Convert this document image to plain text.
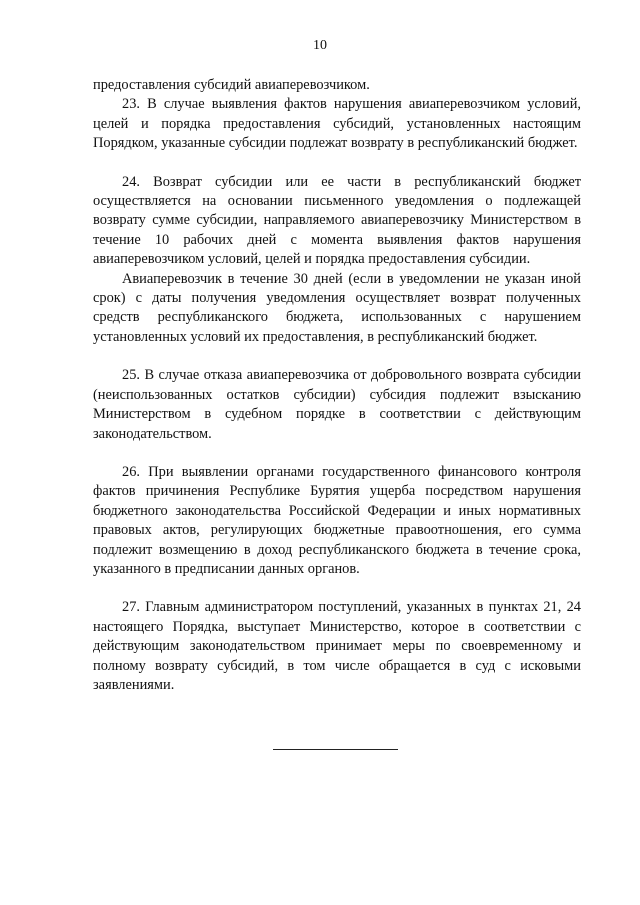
10

предоставления субсидий авиаперевозчиком.

23. В случае выявления фактов нарушения авиаперевозчиком условий, целей и порядка предоставления субсидий, установленных настоящим Порядком, указанные субсидии подлежат возврату в республиканский бюджет.

24. Возврат субсидии или ее части в республиканский бюджет осуществляется на основании письменного уведомления о подлежащей возврату сумме субсидии, направляемого авиаперевозчику Министерством в течение 10 рабочих дней с момента выявления фактов нарушения авиаперевозчиком условий, целей и порядка предоставления субсидии.

Авиаперевозчик в течение 30 дней (если в уведомлении не указан иной срок) с даты получения уведомления осуществляет возврат полученных средств республиканского бюджета, использованных с нарушением установленных условий их предоставления, в республиканский бюджет.

25. В случае отказа авиаперевозчика от добровольного возврата субсидии (неиспользованных остатков субсидии) субсидия подлежит взысканию Министерством в судебном порядке в соответствии с действующим законодательством.

26. При выявлении органами государственного финансового контроля фактов причинения Республике Бурятия ущерба посредством нарушения бюджетного законодательства Российской Федерации и иных нормативных правовых актов, регулирующих бюджетные правоотношения, его сумма подлежит возмещению в доход республиканского бюджета в течение срока, указанного в предписании данных органов.

27. Главным администратором поступлений, указанных в пунктах 21, 24 настоящего Порядка, выступает Министерство, которое в соответствии с действующим законодательством принимает меры по своевременному и полному возврату субсидий, в том числе обращается в суд с исковыми заявлениями.
